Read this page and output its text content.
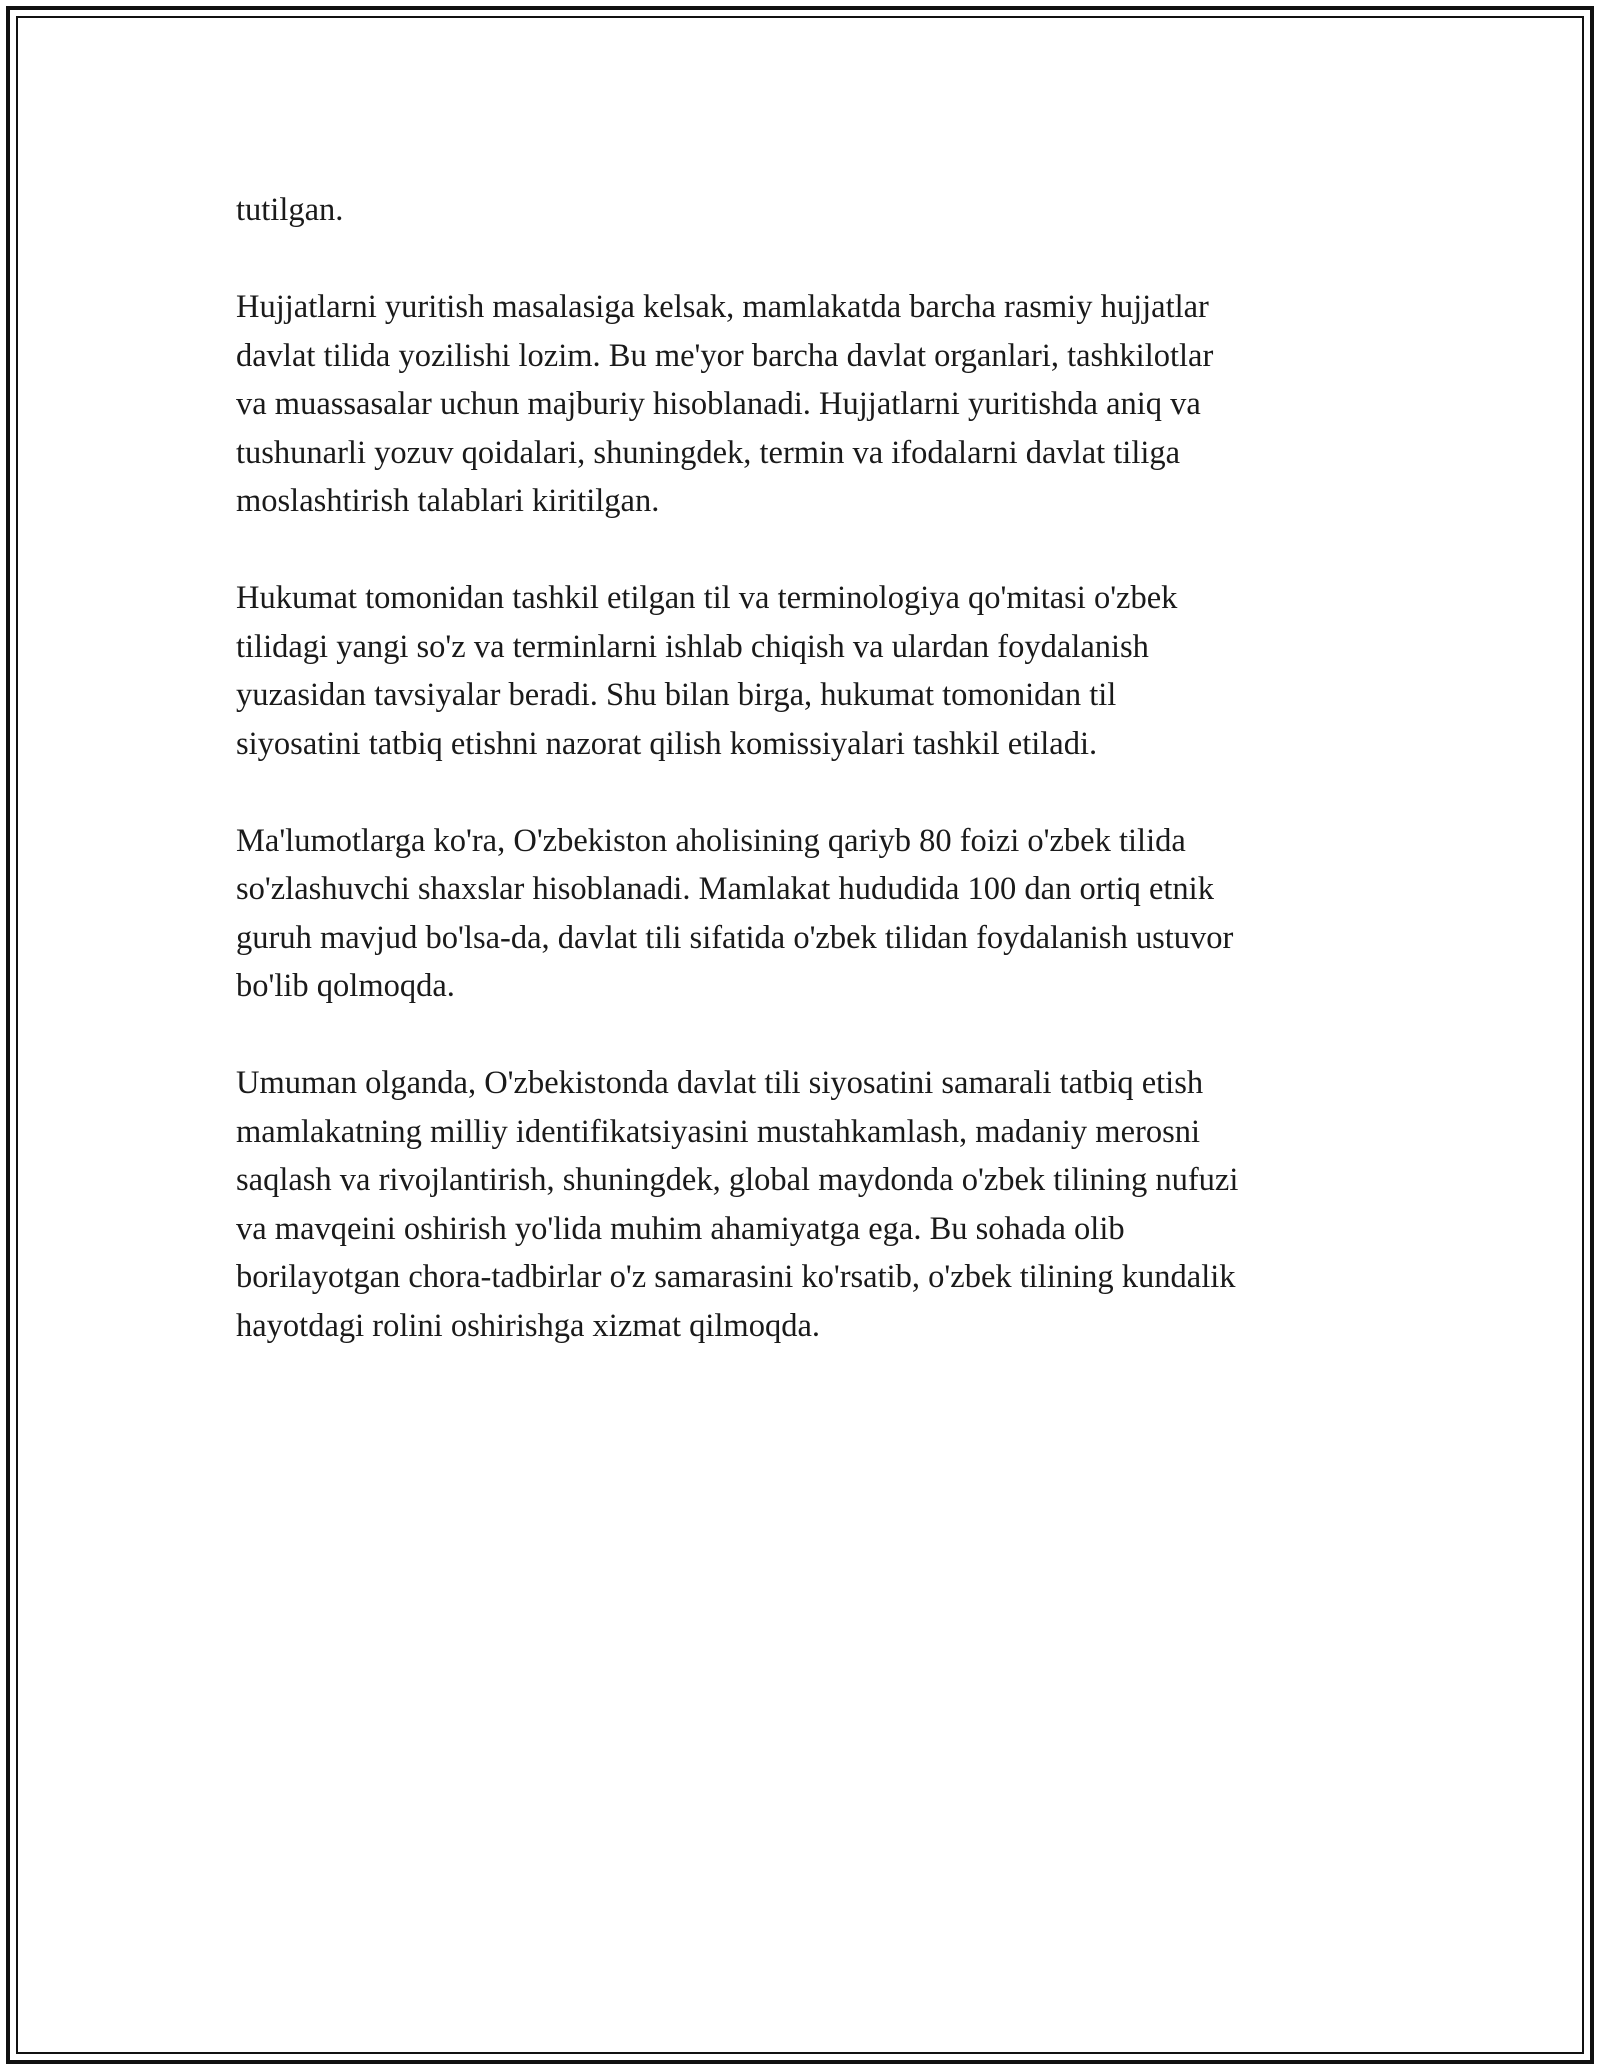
tutilgan.

Hujjatlarni yuritish masalasiga kelsak, mamlakatda barcha rasmiy hujjatlar
davlat tilida yozilishi lozim. Bu me'yor barcha davlat organlari, tashkilotlar
va muassasalar uchun majburiy hisoblanadi. Hujjatlarni yuritishda aniq va
tushunarli yozuv qoidalari, shuningdek, termin va ifodalarni davlat tiliga
moslashtirish talablari kiritilgan.

Hukumat tomonidan tashkil etilgan til va terminologiya qo'mitasi o'zbek
tilidagi yangi so'z va terminlarni ishlab chiqish va ulardan foydalanish
yuzasidan tavsiyalar beradi. Shu bilan birga, hukumat tomonidan til
siyosatini tatbiq etishni nazorat qilish komissiyalari tashkil etiladi.

Ma'lumotlarga ko'ra, O'zbekiston aholisining qariyb 80 foizi o'zbek tilida
so'zlashuvchi shaxslar hisoblanadi. Mamlakat hududida 100 dan ortiq etnik
guruh mavjud bo'lsa-da, davlat tili sifatida o'zbek tilidan foydalanish ustuvor
bo'lib qolmoqda.

Umuman olganda, O'zbekistonda davlat tili siyosatini samarali tatbiq etish
mamlakatning milliy identifikatsiyasini mustahkamlash, madaniy merosni
saqlash va rivojlantirish, shuningdek, global maydonda o'zbek tilining nufuzi
va mavqeini oshirish yo'lida muhim ahamiyatga ega. Bu sohada olib
borilayotgan chora-tadbirlar o'z samarasini ko'rsatib, o'zbek tilining kundalik
hayotdagi rolini oshirishga xizmat qilmoqda.
